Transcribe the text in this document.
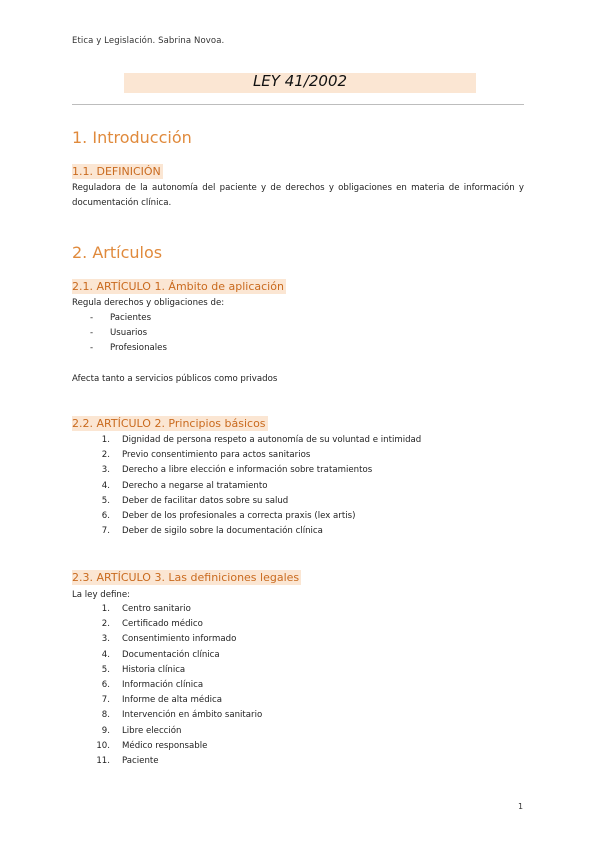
Etica y Legislación. Sabrina Novoa.
LEY 41/2002
1. Introducción
1.1. DEFINICIÓN
Reguladora de la autonomía del paciente y de derechos y obligaciones en materia de información y documentación clínica.
2. Artículos
2.1. ARTÍCULO 1. Ámbito de aplicación
Regula derechos y obligaciones de:
- Pacientes
- Usuarios
- Profesionales
Afecta tanto a servicios públicos como privados
2.2. ARTÍCULO 2. Principios básicos
1. Dignidad de persona respeto a autonomía de su voluntad e intimidad
2. Previo consentimiento para actos sanitarios
3. Derecho a libre elección e información sobre tratamientos
4. Derecho a negarse al tratamiento
5. Deber de facilitar datos sobre su salud
6. Deber de los profesionales a correcta praxis (lex artis)
7. Deber de sigilo sobre la documentación clínica
2.3. ARTÍCULO 3. Las definiciones legales
La ley define:
1. Centro sanitario
2. Certificado médico
3. Consentimiento informado
4. Documentación clínica
5. Historia clínica
6. Información clínica
7. Informe de alta médica
8. Intervención en ámbito sanitario
9. Libre elección
10. Médico responsable
11. Paciente
1
